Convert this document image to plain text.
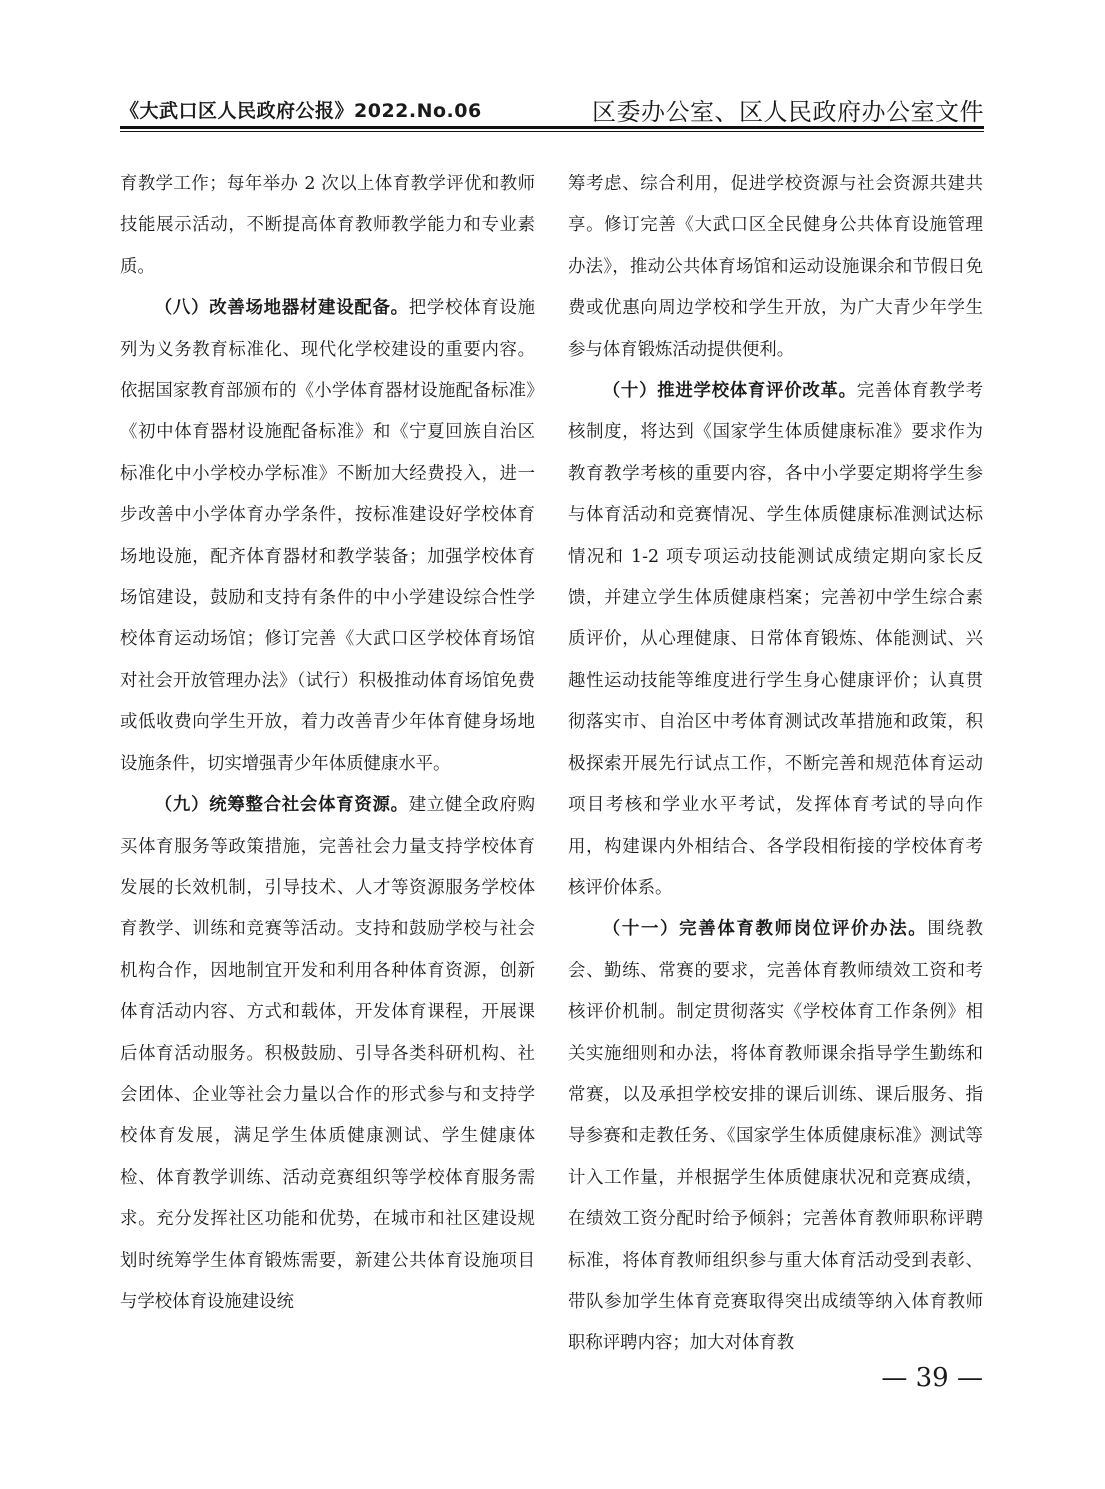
《大武口区人民政府公报》2022.No.06	区委办公室、区人民政府办公室文件

育教学工作；每年举办 2 次以上体育教学评优和教师技能展示活动，不断提高体育教师教学能力和专业素质。

（八）改善场地器材建设配备。把学校体育设施列为义务教育标准化、现代化学校建设的重要内容。依据国家教育部颁布的《小学体育器材设施配备标准》《初中体育器材设施配备标准》和《宁夏回族自治区标准化中小学校办学标准》不断加大经费投入，进一步改善中小学体育办学条件，按标准建设好学校体育场地设施，配齐体育器材和教学装备；加强学校体育场馆建设，鼓励和支持有条件的中小学建设综合性学校体育运动场馆；修订完善《大武口区学校体育场馆对社会开放管理办法》（试行）积极推动体育场馆免费或低收费向学生开放，着力改善青少年体育健身场地设施条件，切实增强青少年体质健康水平。

（九）统筹整合社会体育资源。建立健全政府购买体育服务等政策措施，完善社会力量支持学校体育发展的长效机制，引导技术、人才等资源服务学校体育教学、训练和竞赛等活动。支持和鼓励学校与社会机构合作，因地制宜开发和利用各种体育资源，创新体育活动内容、方式和载体，开发体育课程，开展课后体育活动服务。积极鼓励、引导各类科研机构、社会团体、企业等社会力量以合作的形式参与和支持学校体育发展，满足学生体质健康测试、学生健康体检、体育教学训练、活动竞赛组织等学校体育服务需求。充分发挥社区功能和优势，在城市和社区建设规划时统筹学生体育锻炼需要，新建公共体育设施项目与学校体育设施建设统

筹考虑、综合利用，促进学校资源与社会资源共建共享。修订完善《大武口区全民健身公共体育设施管理办法》，推动公共体育场馆和运动设施课余和节假日免费或优惠向周边学校和学生开放，为广大青少年学生参与体育锻炼活动提供便利。

（十）推进学校体育评价改革。完善体育教学考核制度，将达到《国家学生体质健康标准》要求作为教育教学考核的重要内容，各中小学要定期将学生参与体育活动和竞赛情况、学生体质健康标准测试达标情况和 1-2 项专项运动技能测试成绩定期向家长反馈，并建立学生体质健康档案；完善初中学生综合素质评价，从心理健康、日常体育锻炼、体能测试、兴趣性运动技能等维度进行学生身心健康评价；认真贯彻落实市、自治区中考体育测试改革措施和政策，积极探索开展先行试点工作，不断完善和规范体育运动项目考核和学业水平考试，发挥体育考试的导向作用，构建课内外相结合、各学段相衔接的学校体育考核评价体系。

（十一）完善体育教师岗位评价办法。围绕教会、勤练、常赛的要求，完善体育教师绩效工资和考核评价机制。制定贯彻落实《学校体育工作条例》相关实施细则和办法，将体育教师课余指导学生勤练和常赛，以及承担学校安排的课后训练、课后服务、指导参赛和走教任务、《国家学生体质健康标准》测试等计入工作量，并根据学生体质健康状况和竞赛成绩，在绩效工资分配时给予倾斜；完善体育教师职称评聘标准，将体育教师组织参与重大体育活动受到表彰、带队参加学生体育竞赛取得突出成绩等纳入体育教师职称评聘内容；加大对体育教

— 39 —
